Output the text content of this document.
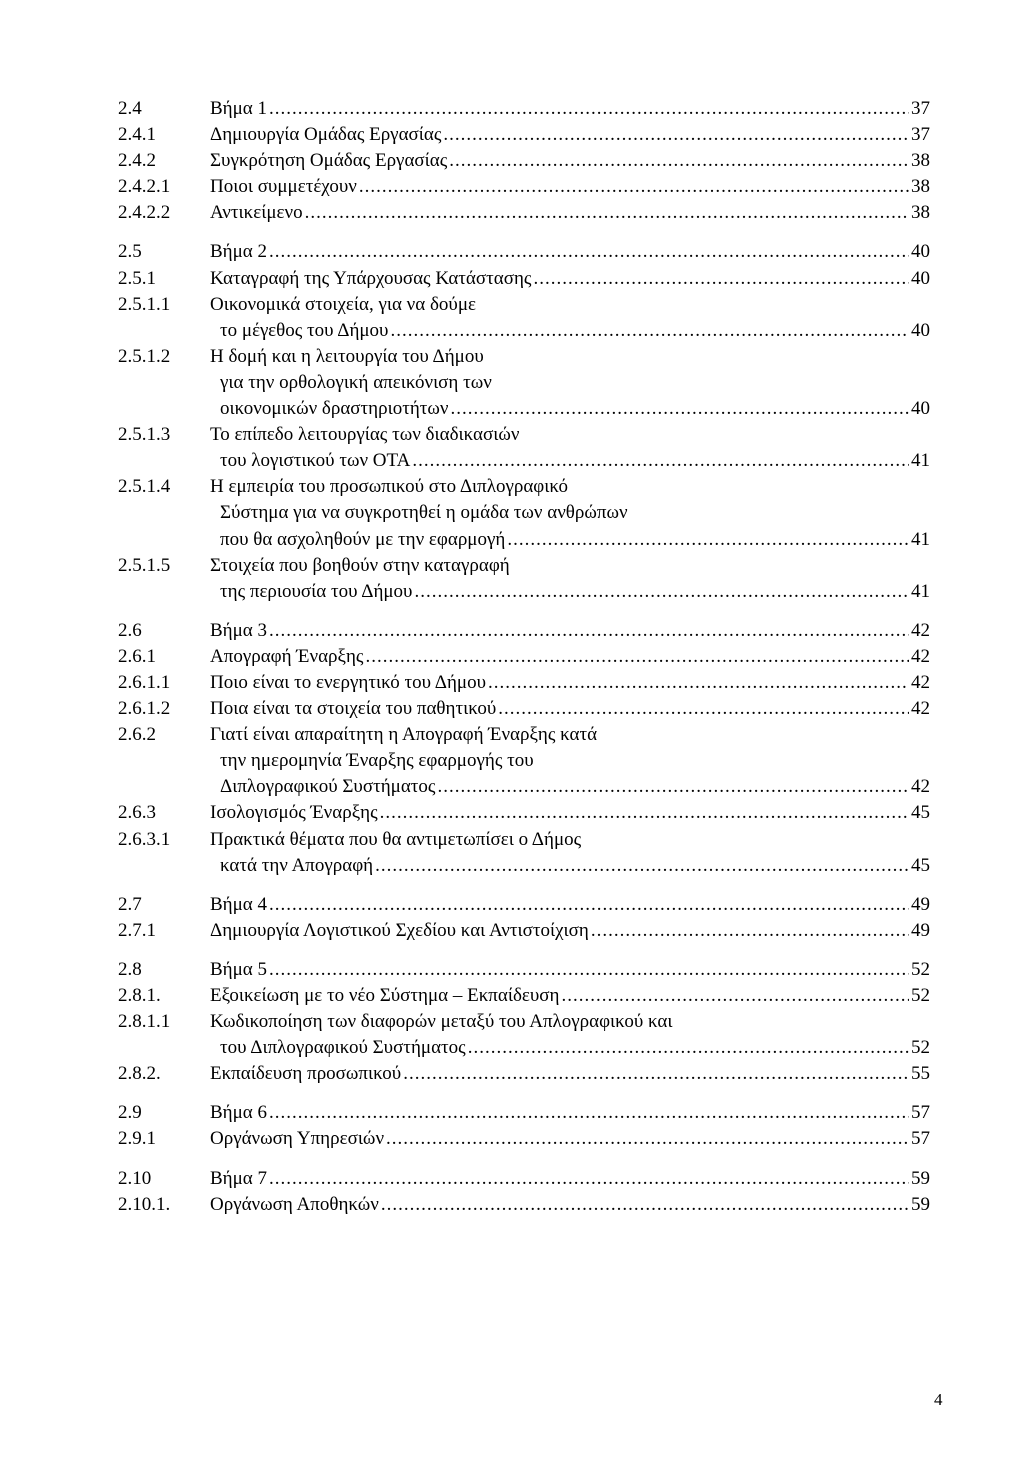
2.4	Βήμα 1 .....	37
2.4.1	Δημιουργία Ομάδας Εργασίας .....	37
2.4.2	Συγκρότηση Ομάδας Εργασίας .....	38
2.4.2.1 Ποιοι συμμετέχουν .....	38
2.4.2.2 Αντικείμενο .....	38
2.5	Βήμα 2 .....	40
2.5.1	Καταγραφή της Υπάρχουσας Κατάστασης .....	40
2.5.1.1 Οικονομικά στοιχεία, για να δούμε
το μέγεθος του Δήμου .....	40
2.5.1.2 Η δομή και η λειτουργία του Δήμου
για την ορθολογική απεικόνιση των
οικονομικών δραστηριοτήτων .....	40
2.5.1.3 Το επίπεδο λειτουργίας των διαδικασιών
του λογιστικού των ΟΤΑ .....	41
2.5.1.4 Η εμπειρία του προσωπικού στο Διπλογραφικό
Σύστημα για να συγκροτηθεί η ομάδα των ανθρώπων
που θα ασχοληθούν με την εφαρμογή .....	41
2.5.1.5 Στοιχεία που βοηθούν στην καταγραφή
της περιουσία του Δήμου .....	41
2.6	Βήμα 3 .....	42
2.6.1	Απογραφή Έναρξης .....	42
2.6.1.1 Ποιο είναι το ενεργητικό του Δήμου .....	42
2.6.1.2 Ποια είναι τα στοιχεία του παθητικού .....	42
2.6.2	Γιατί είναι απαραίτητη η Απογραφή Έναρξης κατά
την ημερομηνία Έναρξης εφαρμογής του
Διπλογραφικού Συστήματος .....	42
2.6.3	Ισολογισμός Έναρξης .....	45
2.6.3.1 Πρακτικά θέματα που θα αντιμετωπίσει ο Δήμος
κατά την Απογραφή .....	45
2.7	Βήμα 4 .....	49
2.7.1	Δημιουργία Λογιστικού Σχεδίου και Αντιστοίχιση .....	49
2.8	Βήμα 5 .....	52
2.8.1.	Εξοικείωση με το νέο Σύστημα – Εκπαίδευση .....	52
2.8.1.1 Κωδικοποίηση των διαφορών μεταξύ του Απλογραφικού και
του Διπλογραφικού Συστήματος .....	52
2.8.2.	Εκπαίδευση προσωπικού .....	55
2.9	Βήμα 6 .....	57
2.9.1	Οργάνωση Υπηρεσιών .....	57
2.10	Βήμα 7 .....	59
2.10.1. Οργάνωση Αποθηκών .....	59
4
